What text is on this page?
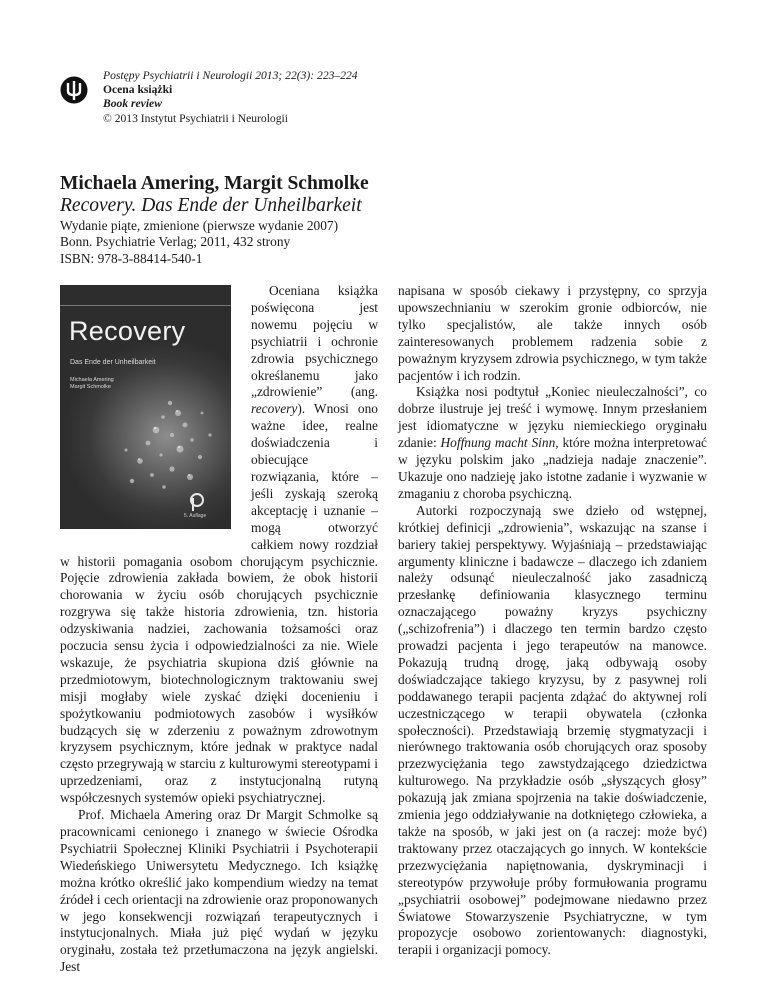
Postępy Psychiatrii i Neurologii 2013; 22(3): 223–224
Ocena książki
Book review
© 2013 Instytut Psychiatrii i Neurologii
Michaela Amering, Margit Schmolke
Recovery. Das Ende der Unheilbarkeit
Wydanie piąte, zmienione (pierwsze wydanie 2007)
Bonn. Psychiatrie Verlag; 2011, 432 strony
ISBN: 978-3-88414-540-1
Recovery
Das Ende der Unheilbarkeit
Michaela Amering
Margit Schmolke
5. Auflage

Oceniana książka poświęcona jest nowemu pojęciu w psychiatrii i ochronie zdrowia psychicznego określanemu jako „zdrowienie” (ang. recovery). Wnosi ono ważne idee, realne doświadczenia i obiecujące rozwiązania, które – jeśli zyskają szeroką akceptację i uznanie – mogą otworzyć całkiem nowy rozdział w historii pomagania osobom chorującym psychicznie. Pojęcie zdrowienia zakłada bowiem, że obok historii chorowania w życiu osób chorujących psychicznie rozgrywa się także historia zdrowienia, tzn. historia odzyskiwania nadziei, zachowania tożsamości oraz poczucia sensu życia i odpowiedzialności za nie. Wiele wskazuje, że psychiatria skupiona dziś głównie na przedmiotowym, biotechnologicznym traktowaniu swej misji mogłaby wiele zyskać dzięki docenieniu i spożytkowaniu podmiotowych zasobów i wysiłków budzących się w zderzeniu z poważnym zdrowotnym kryzysem psychicznym, które jednak w praktyce nadal często przegrywają w starciu z kulturowymi stereotypami i uprzedzeniami, oraz z instytucjonalną rutyną współczesnych systemów opieki psychiatrycznej.

Prof. Michaela Amering oraz Dr Margit Schmolke są pracownicami cenionego i znanego w świecie Ośrodka Psychiatrii Społecznej Kliniki Psychiatrii i Psychoterapii Wiedeńskiego Uniwersytetu Medycznego. Ich książkę można krótko określić jako kompendium wiedzy na temat źródeł i cech orientacji na zdrowienie oraz proponowanych w jego konsekwencji rozwiązań terapeutycznych i instytucjonalnych. Miała już pięć wydań w języku oryginału, została też przetłumaczona na język angielski. Jest

napisana w sposób ciekawy i przystępny, co sprzyja upowszechnianiu w szerokim gronie odbiorców, nie tylko specjalistów, ale także innych osób zainteresowanych problemem radzenia sobie z poważnym kryzysem zdrowia psychicznego, w tym także pacjentów i ich rodzin.

Książka nosi podtytuł „Koniec nieuleczalności”, co dobrze ilustruje jej treść i wymowę. Innym przesłaniem jest idiomatyczne w języku niemieckiego oryginału zdanie: Hoffnung macht Sinn, które można interpretować w języku polskim jako „nadzieja nadaje znaczenie”. Ukazuje ono nadzieję jako istotne zadanie i wyzwanie w zmaganiu z choroba psychiczną.

Autorki rozpoczynają swe dzieło od wstępnej, krótkiej definicji „zdrowienia”, wskazując na szanse i bariery takiej perspektywy. Wyjaśniają – przedstawiając argumenty kliniczne i badawcze – dlaczego ich zdaniem należy odsunąć nieuleczalność jako zasadniczą przesłankę definiowania klasycznego terminu oznaczającego poważny kryzys psychiczny („schizofrenia”) i dlaczego ten termin bardzo często prowadzi pacjenta i jego terapeutów na manowce. Pokazują trudną drogę, jaką odbywają osoby doświadczające takiego kryzysu, by z pasywnej roli poddawanego terapii pacjenta zdążać do aktywnej roli uczestniczącego w terapii obywatela (członka społeczności). Przedstawiają brzemię stygmatyzacji i nierównego traktowania osób chorujących oraz sposoby przezwyciężania tego zawstydzającego dziedzictwa kulturowego. Na przykładzie osób „słyszących głosy” pokazują jak zmiana spojrzenia na takie doświadczenie, zmienia jego oddziaływanie na dotkniętego człowieka, a także na sposób, w jaki jest on (a raczej: może być) traktowany przez otaczających go innych. W kontekście przezwyciężania napiętnowania, dyskryminacji i stereotypów przywołuje próby formułowania programu „psychiatrii osobowej” podejmowane niedawno przez Światowe Stowarzyszenie Psychiatryczne, w tym propozycje osobowo zorientowanych: diagnostyki, terapii i organizacji pomocy.
